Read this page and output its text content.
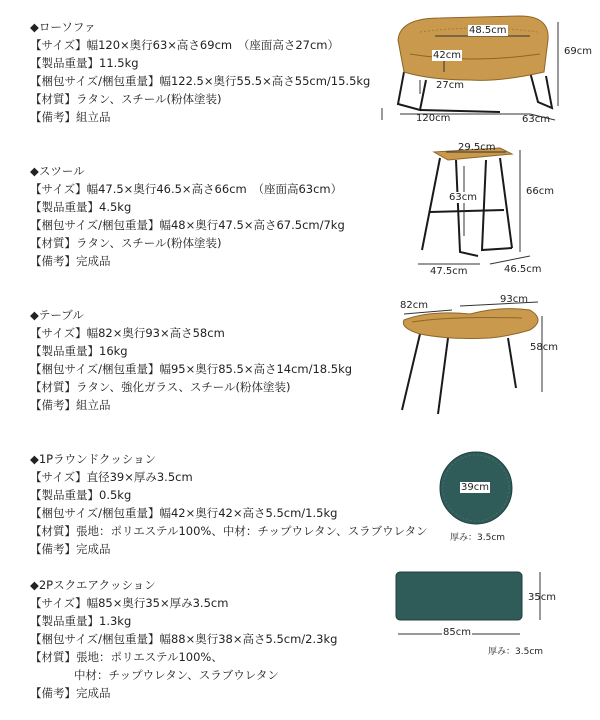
◆ローソファ
【サイズ】幅120×奥行63×高さ69cm　（座面高さ27cm）
【製品重量】11.5kg
【梱包サイズ/梱包重量】幅122.5×奥行55.5×高さ55cm/15.5kg
【材質】ラタン、スチール(粉体塗装)
【備考】組立品
48.5cm
42cm
27cm
69cm
120cm	63cm
◆スツール
【サイズ】幅47.5×奥行46.5×高さ66cm　（座面高63cm）
【製品重量】4.5kg
【梱包サイズ/梱包重量】幅48×奥行47.5×高さ67.5cm/7kg
【材質】ラタン、スチール(粉体塗装)
【備考】完成品
29.5cm
63cm
66cm
47.5cm	46.5cm
◆テーブル
【サイズ】幅82×奥行93×高さ58cm
【製品重量】16kg
【梱包サイズ/梱包重量】幅95×奥行85.5×高さ14cm/18.5kg
【材質】ラタン、強化ガラス、スチール(粉体塗装)
【備考】組立品
82cm
93cm
58cm
◆1Pラウンドクッション
【サイズ】直径39×厚み3.5cm
【製品重量】0.5kg
【梱包サイズ/梱包重量】幅42×奥行42×高さ5.5cm/1.5kg
【材質】張地：ポリエステル100%、中材：チップウレタン、スラブウレタン
【備考】完成品
39cm
厚み：3.5cm
◆2Pスクエアクッション
【サイズ】幅85×奥行35×厚み3.5cm
【製品重量】1.3kg
【梱包サイズ/梱包重量】幅88×奥行38×高さ5.5cm/2.3kg
【材質】張地：ポリエステル100%、
中材：チップウレタン、スラブウレタン
【備考】完成品
35cm
85cm
厚み：3.5cm
